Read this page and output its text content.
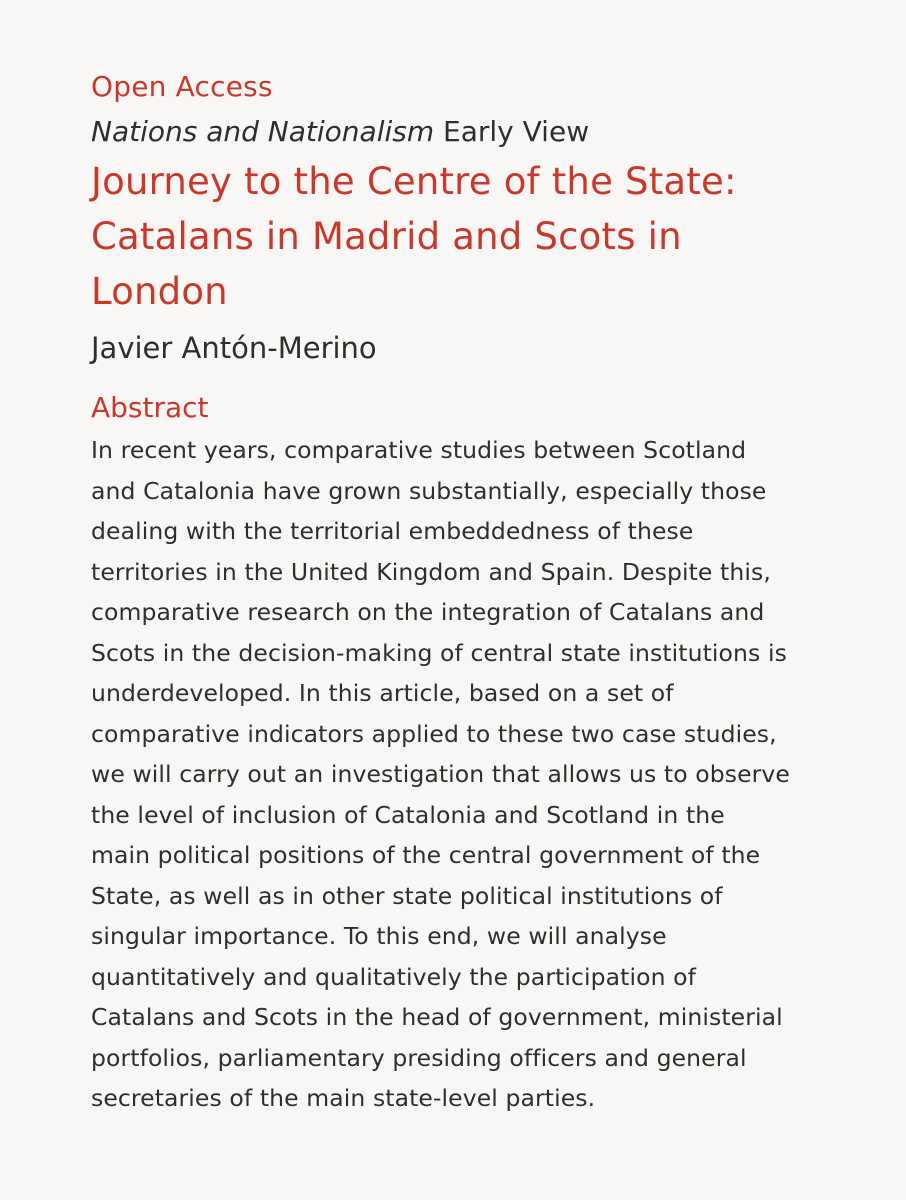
Open Access
Nations and Nationalism Early View
Journey to the Centre of the State:
Catalans in Madrid and Scots in
London
Javier Antón-Merino
Abstract
In recent years, comparative studies between Scotland
and Catalonia have grown substantially, especially those
dealing with the territorial embeddedness of these
territories in the United Kingdom and Spain. Despite this,
comparative research on the integration of Catalans and
Scots in the decision-making of central state institutions is
underdeveloped. In this article, based on a set of
comparative indicators applied to these two case studies,
we will carry out an investigation that allows us to observe
the level of inclusion of Catalonia and Scotland in the
main political positions of the central government of the
State, as well as in other state political institutions of
singular importance. To this end, we will analyse
quantitatively and qualitatively the participation of
Catalans and Scots in the head of government, ministerial
portfolios, parliamentary presiding officers and general
secretaries of the main state-level parties.
